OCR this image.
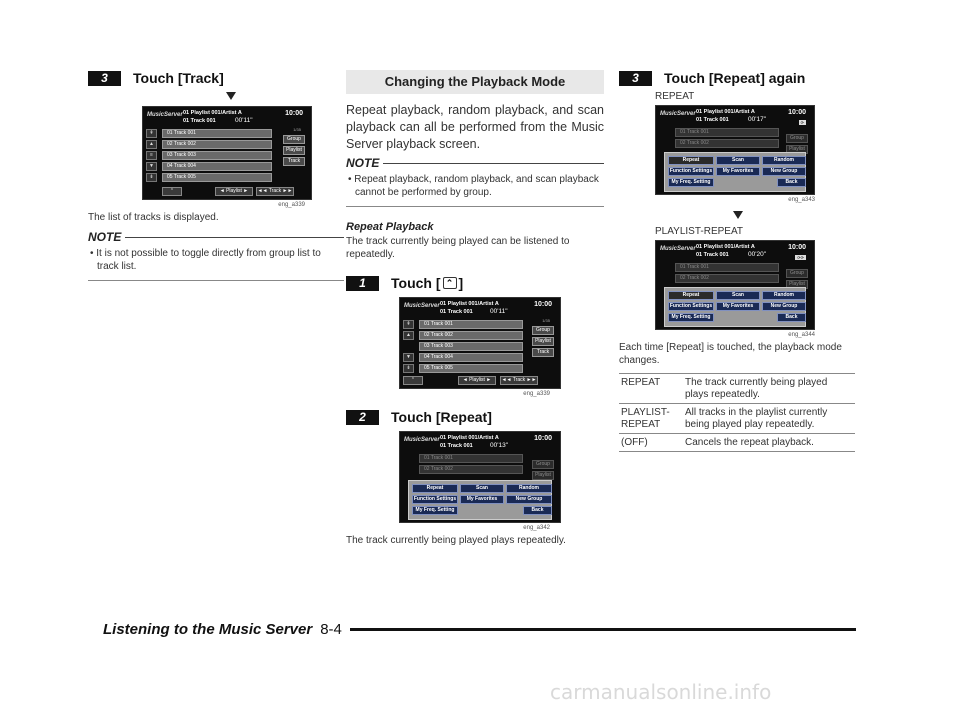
3	Touch [Track]
MusicServer 01 Playlist 001/Artist A
01 Track 001	00'11"
10:00
1/35
⇞
▲
≡
▼
⇟
01 Track 001
02 Track 002
03 Track 003
04 Track 004
05 Track 005
Group
Playlist
Track
⌃	◄ Playlist ►	◄◄ Track ►►
eng_a339
The list of tracks is displayed.
NOTE
• It is not possible to toggle directly from group list to track list.
Changing the Playback Mode
Repeat playback, random playback, and scan playback can all be performed from the Music Server playback screen.
NOTE
• Repeat playback, random playback, and scan playback cannot be performed by group.
Repeat Playback
The track currently being played can be listened to repeatedly.
1	Touch [ ⌃ ]
MusicServer 01 Playlist 001/Artist A
01 Track 001	00'11"
10:00
1/35
⇞
▲
▼
⇟
01 Track 001
02 Track 002
03 Track 003
04 Track 004
05 Track 005
Group
Playlist
Track
⌃	◄ Playlist ►	◄◄ Track ►►
eng_a339
2	Touch [Repeat]
MusicServer 01 Playlist 001/Artist A
01 Track 001	00'13"
10:00
01 Track 001
02 Track 002
Group
Playlist
Repeat	Scan	Random
Function Settings	My Favorites	New Group
My Freq. Setting	Back
eng_a342
The track currently being played plays repeatedly.
3	Touch [Repeat] again
REPEAT
MusicServer 01 Playlist 001/Artist A
01 Track 001	00'17"
10:00
⟳
01 Track 001
02 Track 002
Group
Playlist
Repeat	Scan	Random
Function Settings	My Favorites	New Group
My Freq. Setting	Back
eng_a343
PLAYLIST-REPEAT
MusicServer 01 Playlist 001/Artist A
01 Track 001	00'20"
10:00
⟳⟳
01 Track 001
02 Track 002
Group
Playlist
Repeat	Scan	Random
Function Settings	My Favorites	New Group
My Freq. Setting	Back
eng_a344
Each time [Repeat] is touched, the playback mode changes.
REPEAT	The track currently being played plays repeatedly.
PLAYLIST-REPEAT	All tracks in the playlist currently being played play repeatedly.
(OFF)	Cancels the repeat playback.
Listening to the Music Server 8-4
carmanualsonline.info
